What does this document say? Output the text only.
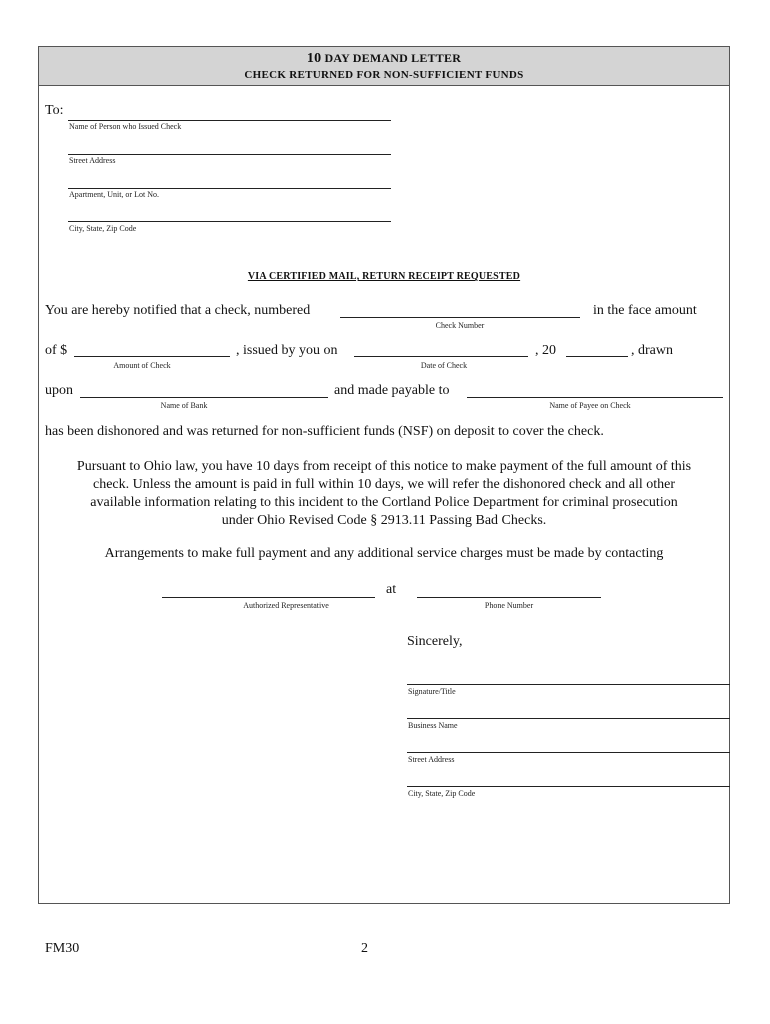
10 DAY DEMAND LETTER
CHECK RETURNED FOR NON-SUFFICIENT FUNDS
To:
Name of Person who Issued Check
Street Address
Apartment, Unit, or Lot No.
City, State, Zip Code
VIA CERTIFIED MAIL, RETURN RECEIPT REQUESTED
You are hereby notified that a check, numbered
Check Number
in the face amount
of $
Amount of Check
, issued by you on
Date of Check
, 20	, drawn
upon
Name of Bank
and made payable to
Name of Payee on Check
has been dishonored and was returned for non-sufficient funds (NSF) on deposit to cover the check.
Pursuant to Ohio law, you have 10 days from receipt of this notice to make payment of the full amount of this
check. Unless the amount is paid in full within 10 days, we will refer the dishonored check and all other
available information relating to this incident to the Cortland Police Department for criminal prosecution
under Ohio Revised Code § 2913.11 Passing Bad Checks.
Arrangements to make full payment and any additional service charges must be made by contacting
Authorized Representative
at
Phone Number
Sincerely,
Signature/Title
Business Name
Street Address
City, State, Zip Code
FM30	2
